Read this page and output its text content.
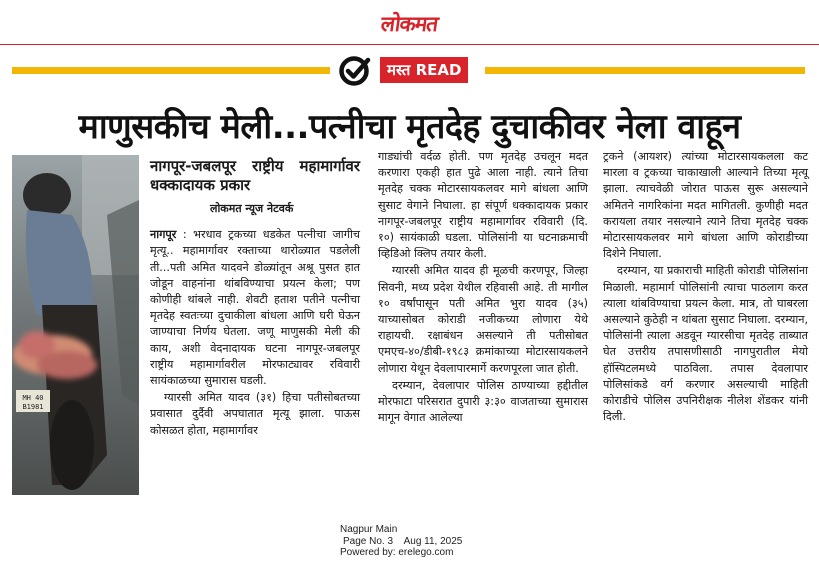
लोकमत
मस्त READ
माणुसकीच मेली...पत्नीचा मृतदेह दुचाकीवर नेला वाहून
MH 40
B1981
नागपूर-जबलपूर राष्ट्रीय महामार्गावर धक्कादायक प्रकार
लोकमत न्यूज नेटवर्क

नागपूर : भरधाव ट्रकच्या धडकेत पत्नीचा जागीच मृत्यू.. महामार्गावर रक्ताच्या थारोळ्यात पडलेली ती...पती अमित यादवने डोळ्यांतून अश्रू पुसत हात जोडून वाहनांना थांबविण्याचा प्रयत्न केला; पण कोणीही थांबले नाही. शेवटी हताश पतीने पत्नीचा मृतदेह स्वतःच्या दुचाकीला बांधला आणि घरी घेऊन जाण्याचा निर्णय घेतला. जणू माणुसकी मेली की काय, अशी वेदनादायक घटना नागपूर-जबलपूर राष्ट्रीय महामार्गावरील मोरफाट्यावर रविवारी सायंकाळच्या सुमारास घडली.

ग्यारसी अमित यादव (३१) हिचा पतीसोबतच्या प्रवासात दुर्दैवी अपघातात मृत्यू झाला. पाऊस कोसळत होता, महामार्गावर

गाड्यांची वर्दळ होती. पण मृतदेह उचलून मदत करणारा एकही हात पुढे आला नाही. त्याने तिचा मृतदेह चक्क मोटारसायकलवर मागे बांधला आणि सुसाट वेगाने निघाला. हा संपूर्ण धक्कादायक प्रकार नागपूर-जबलपूर राष्ट्रीय महामार्गावर रविवारी (दि. १०) सायंकाळी घडला. पोलिसांनी या घटनाक्रमाची व्हिडिओ क्लिप तयार केली.

ग्यारसी अमित यादव ही मूळची करणपूर, जिल्हा सिवनी, मध्य प्रदेश येथील रहिवासी आहे. ती मागील १० वर्षांपासून पती अमित भुरा यादव (३५) याच्यासोबत कोराडी नजीकच्या लोणारा येथे राहायची. रक्षाबंधन असल्याने ती पतीसोबत एमएच-४०/डीबी-१९८३ क्रमांकाच्या मोटारसायकलने लोणारा येथून देवलापारमार्गे करणपूरला जात होती.

दरम्यान, देवलापार पोलिस ठाण्याच्या हद्दीतील मोरफाटा परिसरात दुपारी ३:३० वाजताच्या सुमारास मागून वेगात आलेल्या

ट्रकने (आयशर) त्यांच्या मोटारसायकलला कट मारला व ट्रकच्या चाकाखाली आल्याने तिच्या मृत्यू झाला. त्याचवेळी जोरात पाऊस सुरू असल्याने अमितने नागरिकांना मदत मागितली. कुणीही मदत करायला तयार नसल्याने त्याने तिचा मृतदेह चक्क मोटारसायकलवर मागे बांधला आणि कोराडीच्या दिशेने निघाला.

दरम्यान, या प्रकाराची माहिती कोराडी पोलिसांना मिळाली. महामार्ग पोलिसांनी त्याचा पाठलाग करत त्याला थांबविण्याचा प्रयत्न केला. मात्र, तो घाबरला असल्याने कुठेही न थांबता सुसाट निघाला. दरम्यान, पोलिसांनी त्याला अडवून ग्यारसीचा मृतदेह ताब्यात घेत उत्तरीय तपासणीसाठी नागपुरातील मेयो हॉस्पिटलमध्ये पाठविला. तपास देवलापार पोलिसांकडे वर्ग करणार असल्याची माहिती कोराडीचे पोलिस उपनिरीक्षक नीलेश शेंडकर यांनी दिली.

Nagpur Main
Page No. 3    Aug 11, 2025
Powered by: erelego.com
